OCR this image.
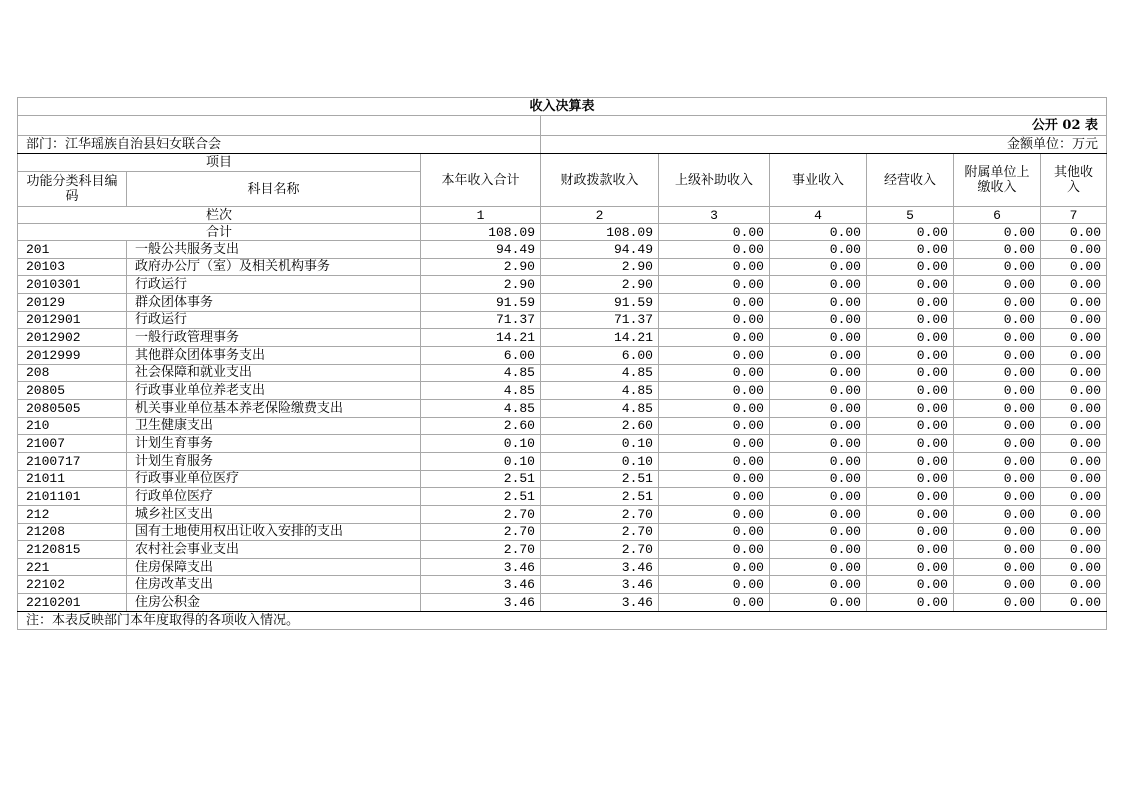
收入决算表								
			公开 02 表					
部门：江华瑶族自治县妇女联合会			金额单位：万元					
项目		本年收入合计	财政拨款收入	上级补助收入	事业收入	经营收入	附属单位上缴收入	其他收入
功能分类科目编码	科目名称							
栏次		1	2	3	4	5	6	7
合计		108.09	108.09	0.00	0.00	0.00	0.00	0.00
201	一般公共服务支出	94.49	94.49	0.00	0.00	0.00	0.00	0.00
20103	政府办公厅（室）及相关机构事务	2.90	2.90	0.00	0.00	0.00	0.00	0.00
2010301	行政运行	2.90	2.90	0.00	0.00	0.00	0.00	0.00
20129	群众团体事务	91.59	91.59	0.00	0.00	0.00	0.00	0.00
2012901	行政运行	71.37	71.37	0.00	0.00	0.00	0.00	0.00
2012902	一般行政管理事务	14.21	14.21	0.00	0.00	0.00	0.00	0.00
2012999	其他群众团体事务支出	6.00	6.00	0.00	0.00	0.00	0.00	0.00
208	社会保障和就业支出	4.85	4.85	0.00	0.00	0.00	0.00	0.00
20805	行政事业单位养老支出	4.85	4.85	0.00	0.00	0.00	0.00	0.00
2080505	机关事业单位基本养老保险缴费支出	4.85	4.85	0.00	0.00	0.00	0.00	0.00
210	卫生健康支出	2.60	2.60	0.00	0.00	0.00	0.00	0.00
21007	计划生育事务	0.10	0.10	0.00	0.00	0.00	0.00	0.00
2100717	计划生育服务	0.10	0.10	0.00	0.00	0.00	0.00	0.00
21011	行政事业单位医疗	2.51	2.51	0.00	0.00	0.00	0.00	0.00
2101101	行政单位医疗	2.51	2.51	0.00	0.00	0.00	0.00	0.00
212	城乡社区支出	2.70	2.70	0.00	0.00	0.00	0.00	0.00
21208	国有土地使用权出让收入安排的支出	2.70	2.70	0.00	0.00	0.00	0.00	0.00
2120815	农村社会事业支出	2.70	2.70	0.00	0.00	0.00	0.00	0.00
221	住房保障支出	3.46	3.46	0.00	0.00	0.00	0.00	0.00
22102	住房改革支出	3.46	3.46	0.00	0.00	0.00	0.00	0.00
2210201	住房公积金	3.46	3.46	0.00	0.00	0.00	0.00	0.00
注：本表反映部门本年度取得的各项收入情况。								
